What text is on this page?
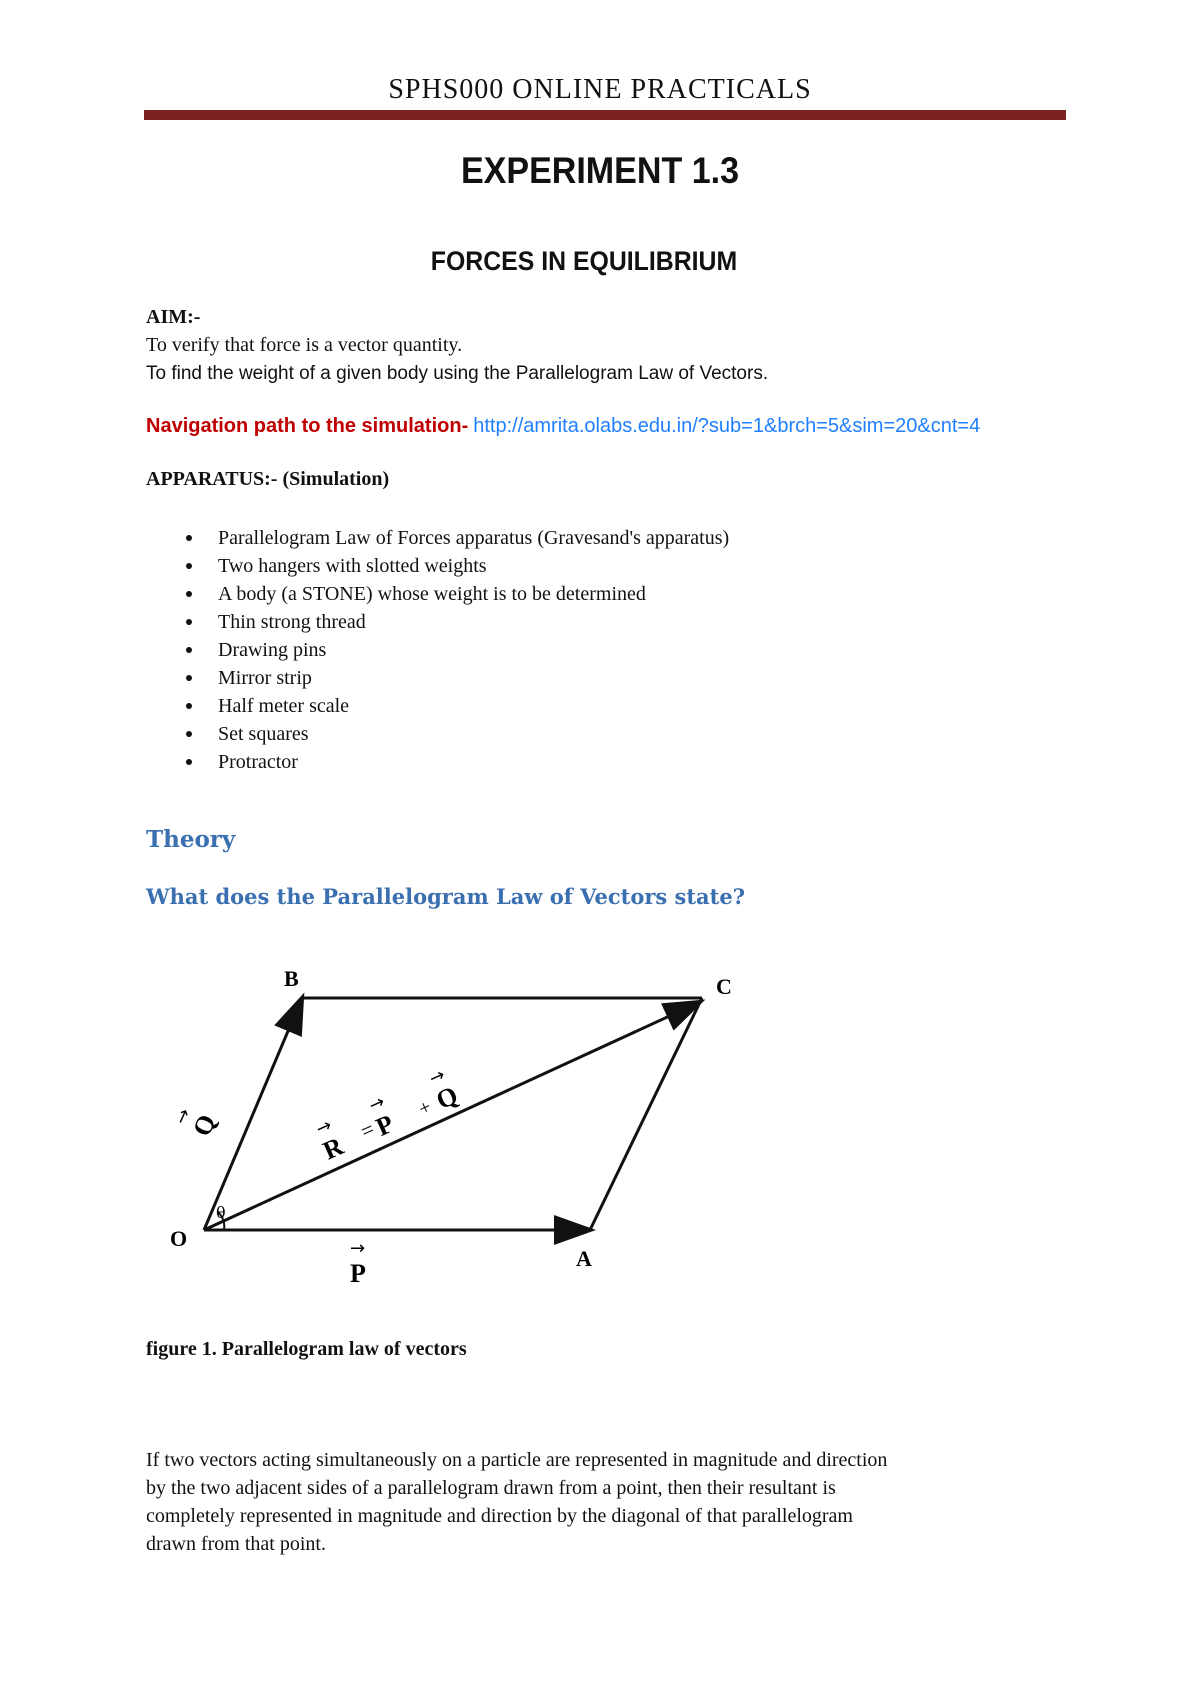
SPHS000 ONLINE PRACTICALS
EXPERIMENT 1.3
FORCES IN EQUILIBRIUM
AIM:-
To verify that force is a vector quantity.
To find the weight of a given body using the Parallelogram Law of Vectors.
Navigation path to the simulation- http://amrita.olabs.edu.in/?sub=1&brch=5&sim=20&cnt=4
APPARATUS:- (Simulation)
Parallelogram Law of Forces apparatus (Gravesand's apparatus)
Two hangers with slotted weights
A body (a STONE) whose weight is to be determined
Thin strong thread
Drawing pins
Mirror strip
Half meter scale
Set squares
Protractor
Theory
What does the Parallelogram Law of Vectors state?
B	C
O
A
θ
P
→
Q
→
R
→ =
P
→ +
Q
→
figure 1. Parallelogram law of vectors
If two vectors acting simultaneously on a particle are represented in magnitude and direction
by the two adjacent sides of a parallelogram drawn from a point, then their resultant is
completely represented in magnitude and direction by the diagonal of that parallelogram
drawn from that point.
